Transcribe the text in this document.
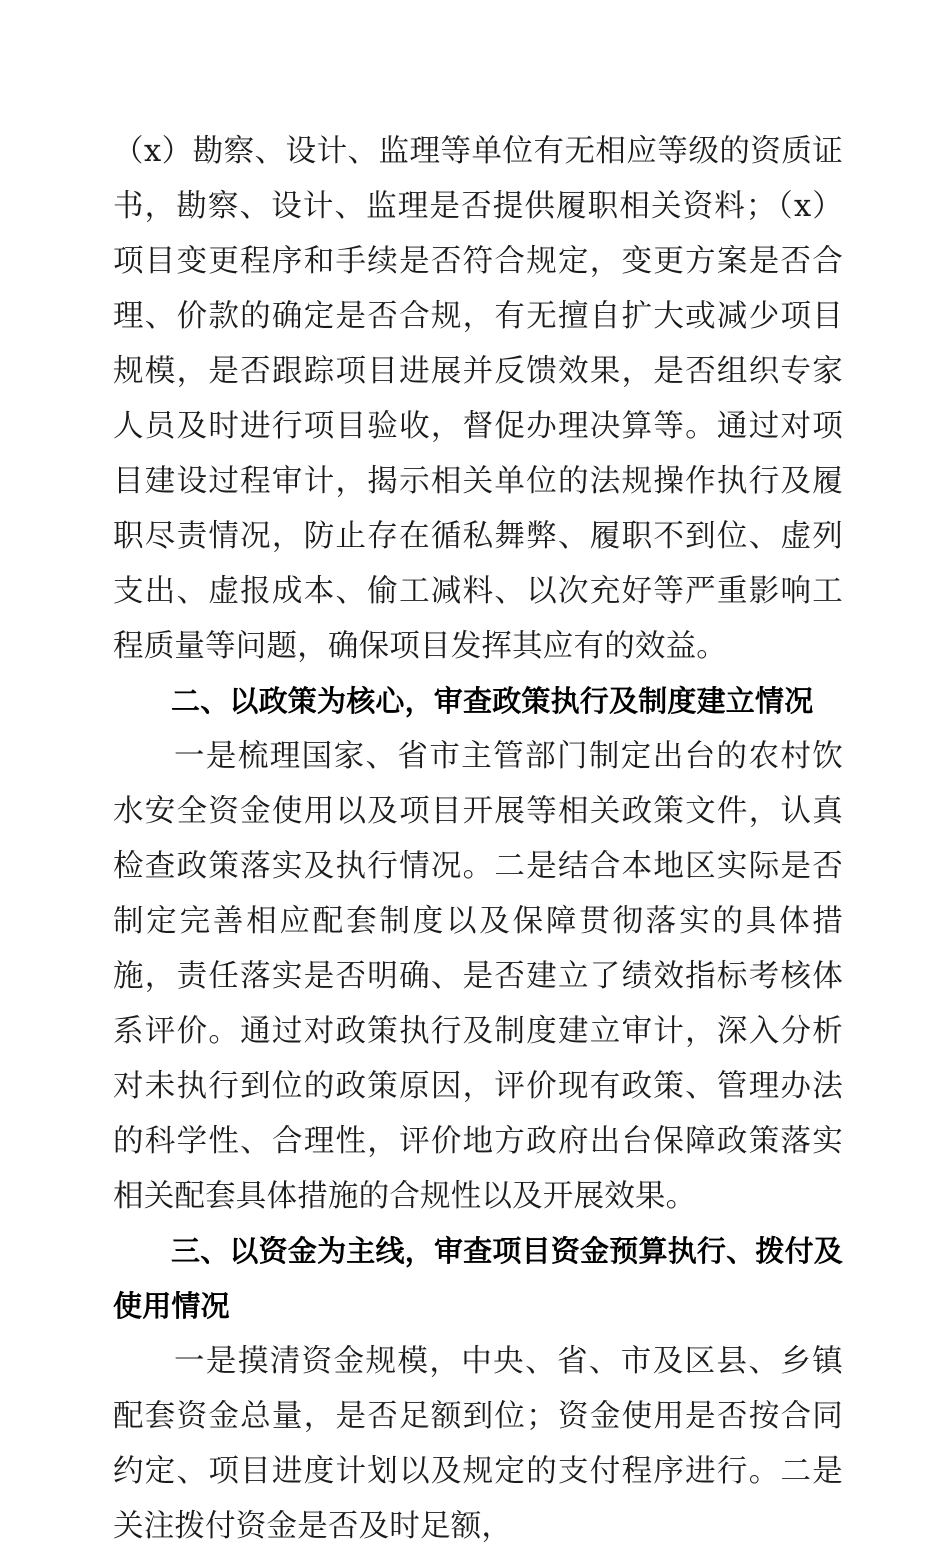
（x）勘察、设计、监理等单位有无相应等级的资质证书，勘察、设计、监理是否提供履职相关资料；（x）项目变更程序和手续是否符合规定，变更方案是否合理、价款的确定是否合规，有无擅自扩大或减少项目规模，是否跟踪项目进展并反馈效果，是否组织专家人员及时进行项目验收，督促办理决算等。通过对项目建设过程审计，揭示相关单位的法规操作执行及履职尽责情况，防止存在循私舞弊、履职不到位、虚列支出、虚报成本、偷工减料、以次充好等严重影响工程质量等问题，确保项目发挥其应有的效益。

二、以政策为核心，审查政策执行及制度建立情况

一是梳理国家、省市主管部门制定出台的农村饮水安全资金使用以及项目开展等相关政策文件，认真检查政策落实及执行情况。二是结合本地区实际是否制定完善相应配套制度以及保障贯彻落实的具体措施，责任落实是否明确、是否建立了绩效指标考核体系评价。通过对政策执行及制度建立审计，深入分析对未执行到位的政策原因，评价现有政策、管理办法的科学性、合理性，评价地方政府出台保障政策落实相关配套具体措施的合规性以及开展效果。

三、以资金为主线，审查项目资金预算执行、拨付及使用情况

一是摸清资金规模，中央、省、市及区县、乡镇配套资金总量，是否足额到位；资金使用是否按合同约定、项目进度计划以及规定的支付程序进行。二是关注拨付资金是否及时足额，
